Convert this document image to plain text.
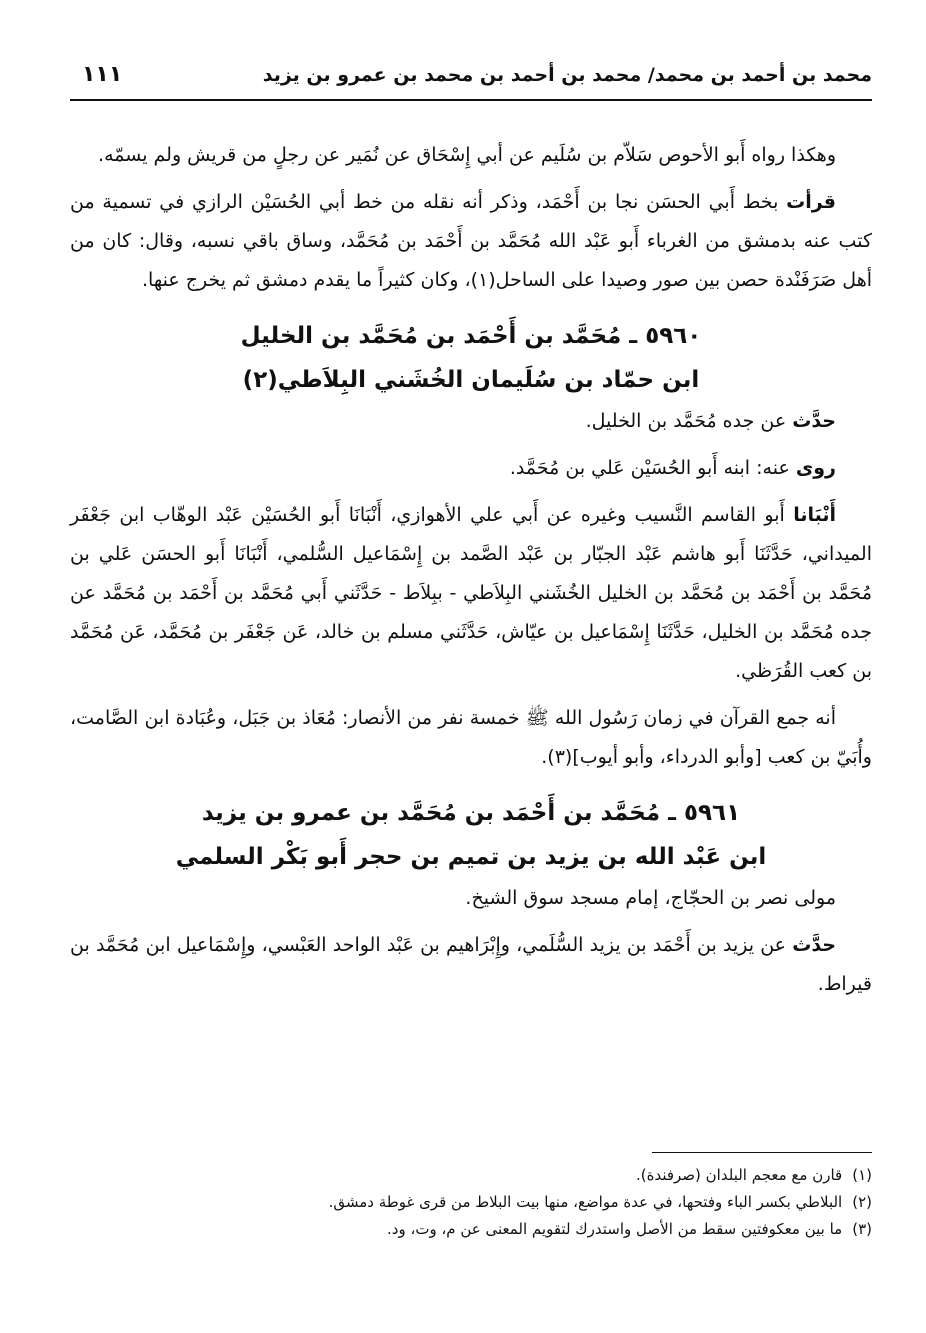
محمد بن أحمد بن محمد/ محمد بن أحمد بن محمد بن عمرو بن يزيد
١١١

وهكذا رواه أَبو الأحوص سَلاّم بن سُلَيم عن أبي إِسْحَاق عن نُمَير عن رجلٍ من قريش ولم يسمّه.

قرأت بخط أَبي الحسَن نجا بن أَحْمَد، وذكر أنه نقله من خط أبي الحُسَيْن الرازي في تسمية من كتب عنه بدمشق من الغرباء أَبو عَبْد الله مُحَمَّد بن أَحْمَد بن مُحَمَّد، وساق باقي نسبه، وقال: كان من أهل صَرَفَنْدة حصن بين صور وصيدا على الساحل(١)، وكان كثيراً ما يقدم دمشق ثم يخرج عنها.

٥٩٦٠ ـ مُحَمَّد بن أَحْمَد بن مُحَمَّد بن الخليل
ابن حمّاد بن سُلَيمان الخُشَني البِلاَطي(٢)

حدَّث عن جده مُحَمَّد بن الخليل.

روى عنه: ابنه أَبو الحُسَيْن عَلي بن مُحَمَّد.

أَنْبَانا أَبو القاسم النَّسيب وغيره عن أَبي علي الأهوازي، أَنْبَانَا أَبو الحُسَيْن عَبْد الوهّاب ابن جَعْفَر الميداني، حَدَّثَنَا أَبو هاشم عَبْد الجبّار بن عَبْد الصَّمد بن إِسْمَاعيل السُّلمي، أَنْبَانَا أَبو الحسَن عَلي بن مُحَمَّد بن أَحْمَد بن مُحَمَّد بن الخليل الخُشَني البِلاَطي - ببِلاَط - حَدَّثَني أَبي مُحَمَّد بن أَحْمَد بن مُحَمَّد عن جده مُحَمَّد بن الخليل، حَدَّثَنَا إِسْمَاعيل بن عيّاش، حَدَّثَني مسلم بن خالد، عَن جَعْفَر بن مُحَمَّد، عَن مُحَمَّد بن كعب القُرَظي.

أنه جمع القرآن في زمان رَسُول الله ﷺ خمسة نفر من الأنصار: مُعَاذ بن جَبَل، وعُبَادة ابن الصَّامت، وأُبَيّ بن كعب [وأبو الدرداء، وأبو أيوب](٣).

٥٩٦١ ـ مُحَمَّد بن أَحْمَد بن مُحَمَّد بن عمرو بن يزيد
ابن عَبْد الله بن يزيد بن تميم بن حجر أَبو بَكْر السلمي

مولى نصر بن الحجّاج، إمام مسجد سوق الشيخ.

حدَّث عن يزيد بن أَحْمَد بن يزيد السُّلَمي، وإِبْرَاهيم بن عَبْد الواحد العَبْسي، وإِسْمَاعيل ابن مُحَمَّد بن قيراط.

(١)
قارن مع معجم البلدان (صرفندة).

(٢)
البلاطي بكسر الباء وفتحها، في عدة مواضع، منها بيت البلاط من قرى غوطة دمشق.

(٣)
ما بين معكوفتين سقط من الأصل واستدرك لتقويم المعنى عن م، وت، ود.
